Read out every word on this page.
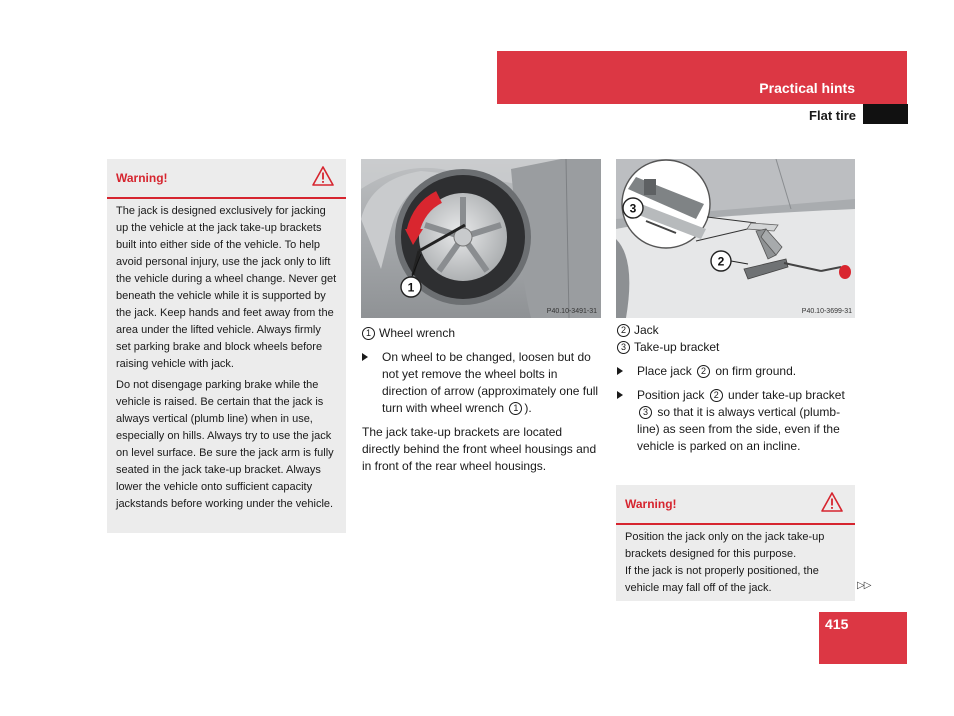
Practical hints
Flat tire
Warning!

The jack is designed exclusively for jacking up the vehicle at the jack take-up brackets built into either side of the vehicle. To help avoid personal injury, use the jack only to lift the vehicle during a wheel change. Never get beneath the vehicle while it is supported by the jack. Keep hands and feet away from the area under the lifted vehicle. Always firmly set parking brake and block wheels before raising vehicle with jack.

Do not disengage parking brake while the vehicle is raised. Be certain that the jack is always vertical (plumb line) when in use, especially on hills. Always try to use the jack on level surface. Be sure the jack arm is fully seated in the jack take-up bracket. Always lower the vehicle onto sufficient capacity jackstands before working under the vehicle.

1
P40.10-3491-31
3
2
P40.10-3699-31
1 Wheel wrench
On wheel to be changed, loosen but do not yet remove the wheel bolts in direction of arrow (approximately one full turn with wheel wrench 1 ).
The jack take-up brackets are located directly behind the front wheel housings and in front of the rear wheel housings.
2 Jack
3 Take-up bracket
Place jack 2 on firm ground.
Position jack 2 under take-up bracket 3 so that it is always vertical (plumb-line) as seen from the side, even if the vehicle is parked on an incline.
Warning!
Position the jack only on the jack take-up brackets designed for this purpose.
If the jack is not properly positioned, the vehicle may fall off of the jack.	▷▷
415
